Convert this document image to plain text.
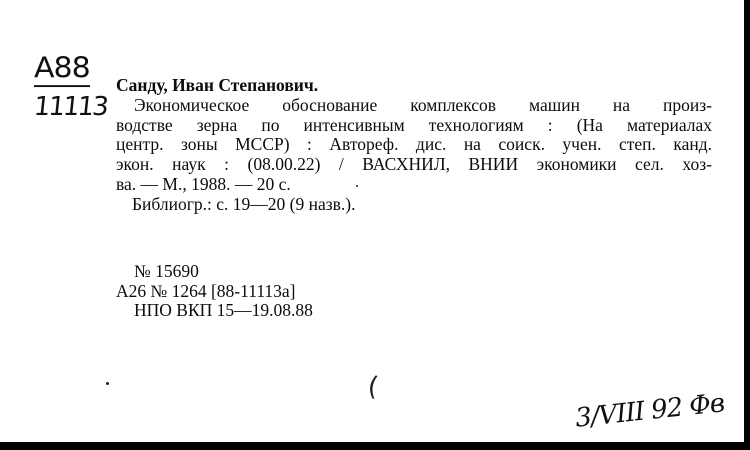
А88
11113
Санду, Иван Степанович.
Экономическое обоснование комплексов машин на произ-
водстве зерна по интенсивным технологиям : (На материалах
центр. зоны МССР) : Автореф. дис. на соиск. учен. степ. канд.
экон. наук : (08.00.22) / ВАСХНИЛ, ВНИИ экономики сел. хоз-
ва. — М., 1988. — 20 с.
Библиогр.: с. 19—20 (9 назв.).
№ 15690
А26 № 1264 [88-11113а]
НПО ВКП 15—19.08.88
(
3/VIII 92 Фв
